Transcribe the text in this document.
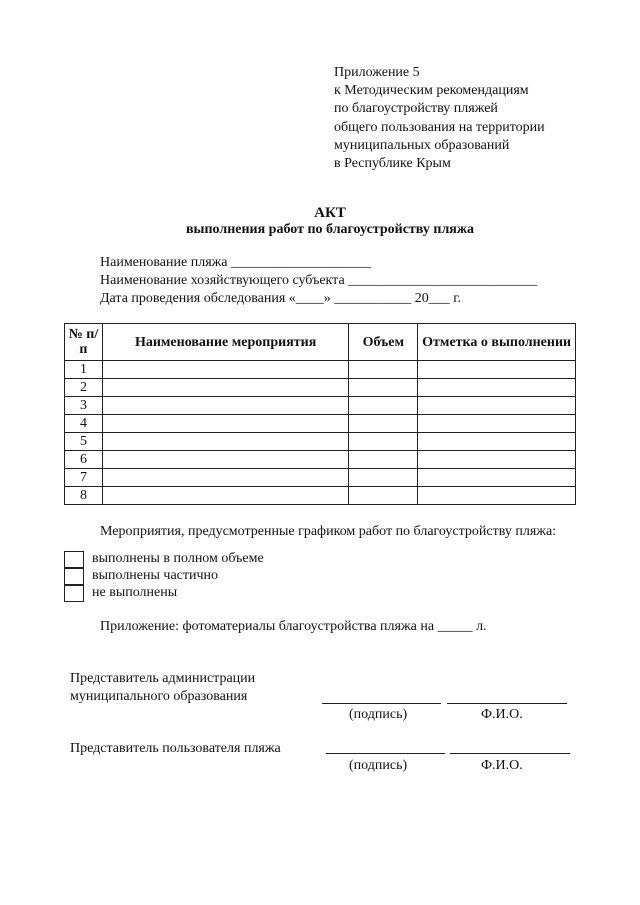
Приложение 5
к Методическим рекомендациям
по благоустройству пляжей
общего пользования на территории
муниципальных образований
в Республике Крым
АКТ
выполнения работ по благоустройству пляжа
Наименование пляжа ____________________
Наименование хозяйствующего субъекта ___________________________
Дата проведения обследования «____» ___________ 20___ г.
№ п/п	Наименование мероприятия	Объем	Отметка о выполнении
1			
2			
3			
4			
5			
6			
7			
8			
Мероприятия, предусмотренные графиком работ по благоустройству пляжа:
выполнены в полном объеме
выполнены частично
не выполнены
Приложение: фотоматериалы благоустройства пляжа на _____ л.
Представитель администрации
муниципального образования
(подпись)	Ф.И.О.
Представитель пользователя пляжа
(подпись)	Ф.И.О.
